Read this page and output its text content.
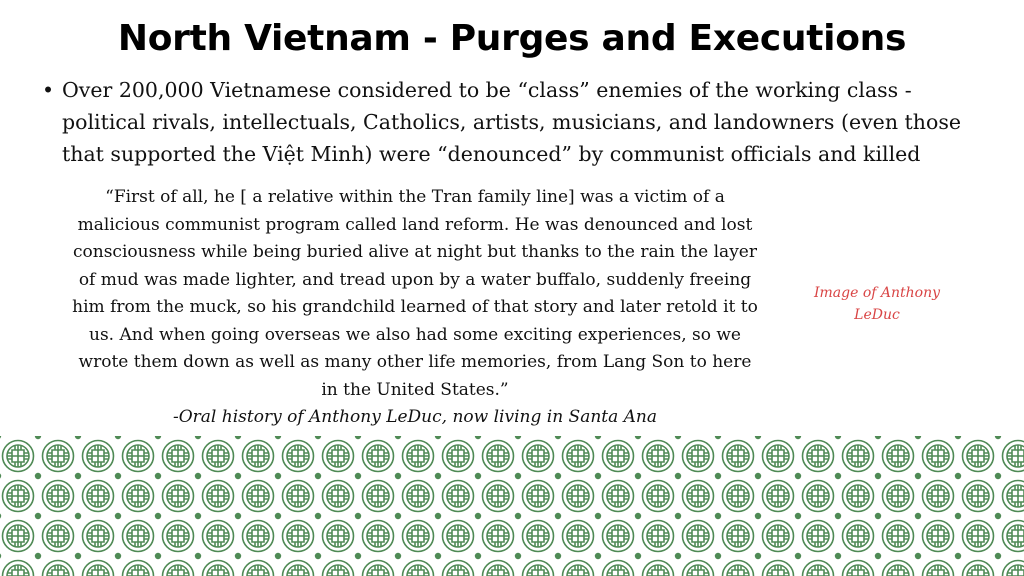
North Vietnam - Purges and Executions
• Over 200,000 Vietnamese considered to be “class” enemies of the working class - political rivals, intellectuals, Catholics, artists, musicians, and landowners (even those that supported the Việt Minh) were “denounced” by communist officials and killed
“First of all, he [ a relative within the Tran family line] was a victim of a malicious communist program called land reform. He was denounced and lost consciousness while being buried alive at night but thanks to the rain the layer of mud was made lighter, and tread upon by a water buffalo, suddenly freeing him from the muck, so his grandchild learned of that story and later retold it to us. And when going overseas we also had some exciting experiences, so we wrote them down as well as many other life memories, from Lang Son to here in the United States.”
-Oral history of Anthony LeDuc, now living in Santa Ana
Image of Anthony LeDuc
